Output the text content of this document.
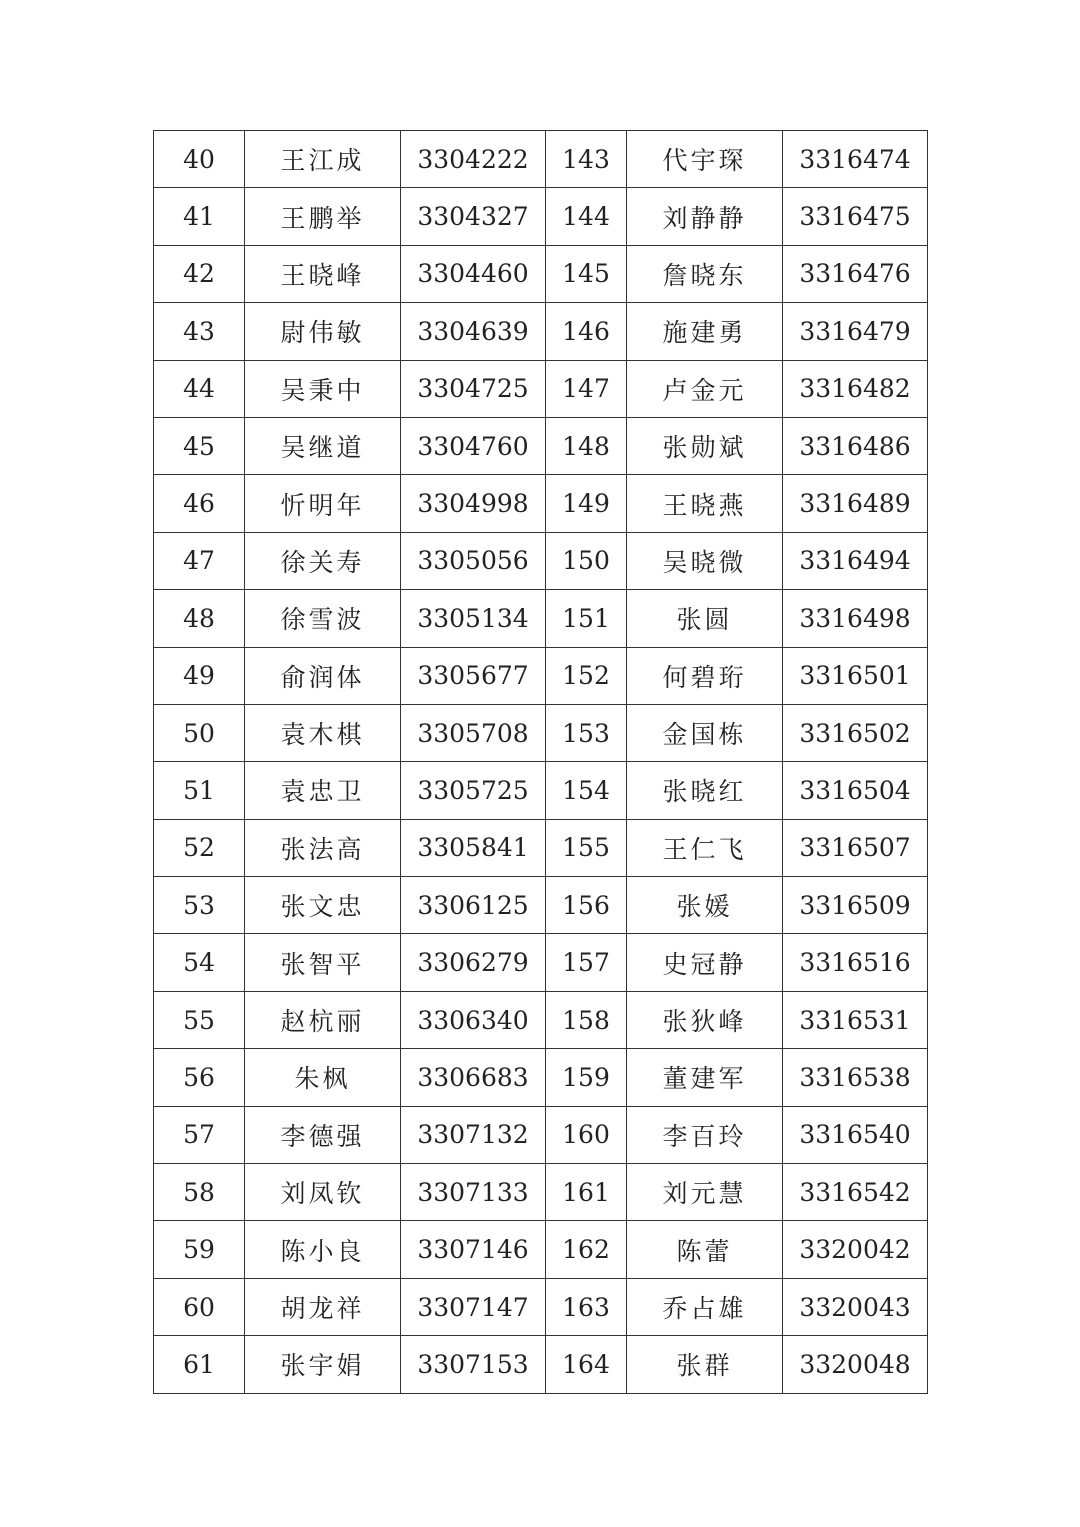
40	王江成	3304222	143	代宇琛	3316474
41	王鹏举	3304327	144	刘静静	3316475
42	王晓峰	3304460	145	詹晓东	3316476
43	尉伟敏	3304639	146	施建勇	3316479
44	吴秉中	3304725	147	卢金元	3316482
45	吴继道	3304760	148	张勋斌	3316486
46	忻明年	3304998	149	王晓燕	3316489
47	徐关寿	3305056	150	吴晓微	3316494
48	徐雪波	3305134	151	张圆	3316498
49	俞润体	3305677	152	何碧珩	3316501
50	袁木棋	3305708	153	金国栋	3316502
51	袁忠卫	3305725	154	张晓红	3316504
52	张法高	3305841	155	王仁飞	3316507
53	张文忠	3306125	156	张媛	3316509
54	张智平	3306279	157	史冠静	3316516
55	赵杭丽	3306340	158	张狄峰	3316531
56	朱枫	3306683	159	董建军	3316538
57	李德强	3307132	160	李百玲	3316540
58	刘凤钦	3307133	161	刘元慧	3316542
59	陈小良	3307146	162	陈蕾	3320042
60	胡龙祥	3307147	163	乔占雄	3320043
61	张宇娟	3307153	164	张群	3320048
